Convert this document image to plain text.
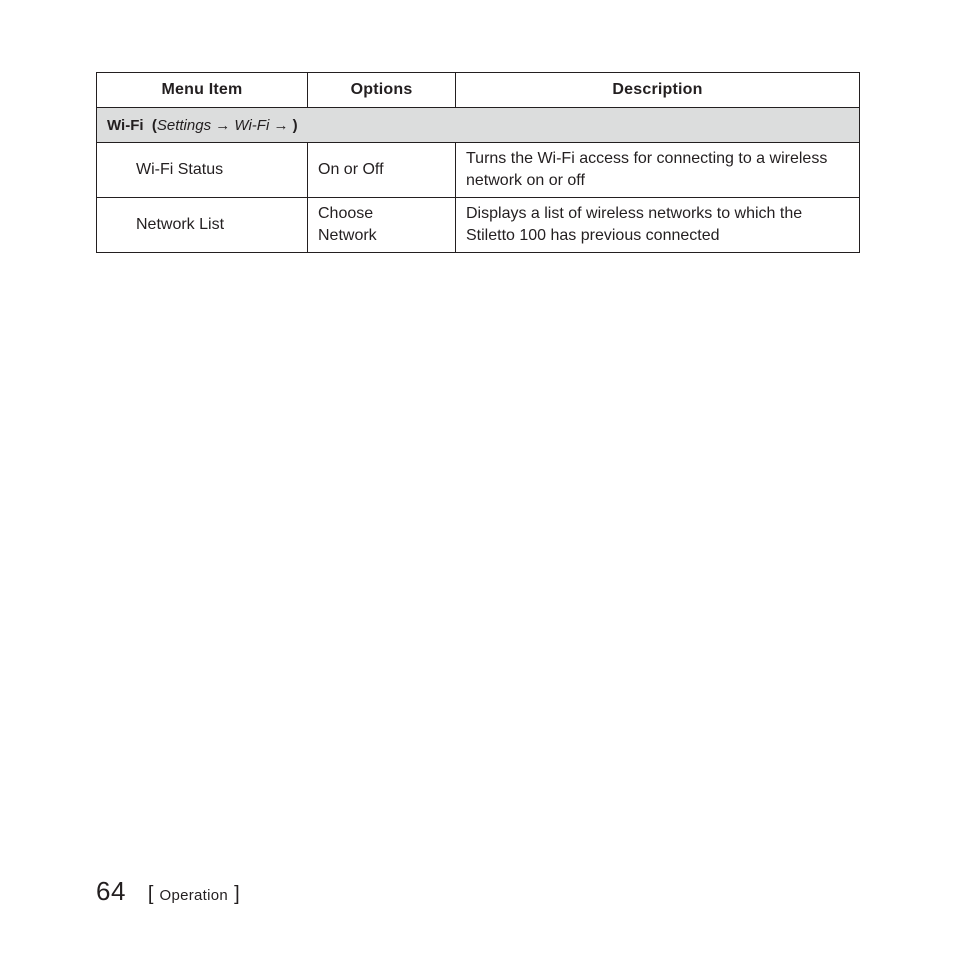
Menu Item	Options	Description
Wi-Fi (Settings → Wi-Fi → )		
Wi-Fi Status	On or Off	Turns the Wi-Fi access for connecting to a wireless network on or off
Network List	Choose Network	Displays a list of wireless networks to which the Stiletto 100 has previous connected
64 [ Operation ]
